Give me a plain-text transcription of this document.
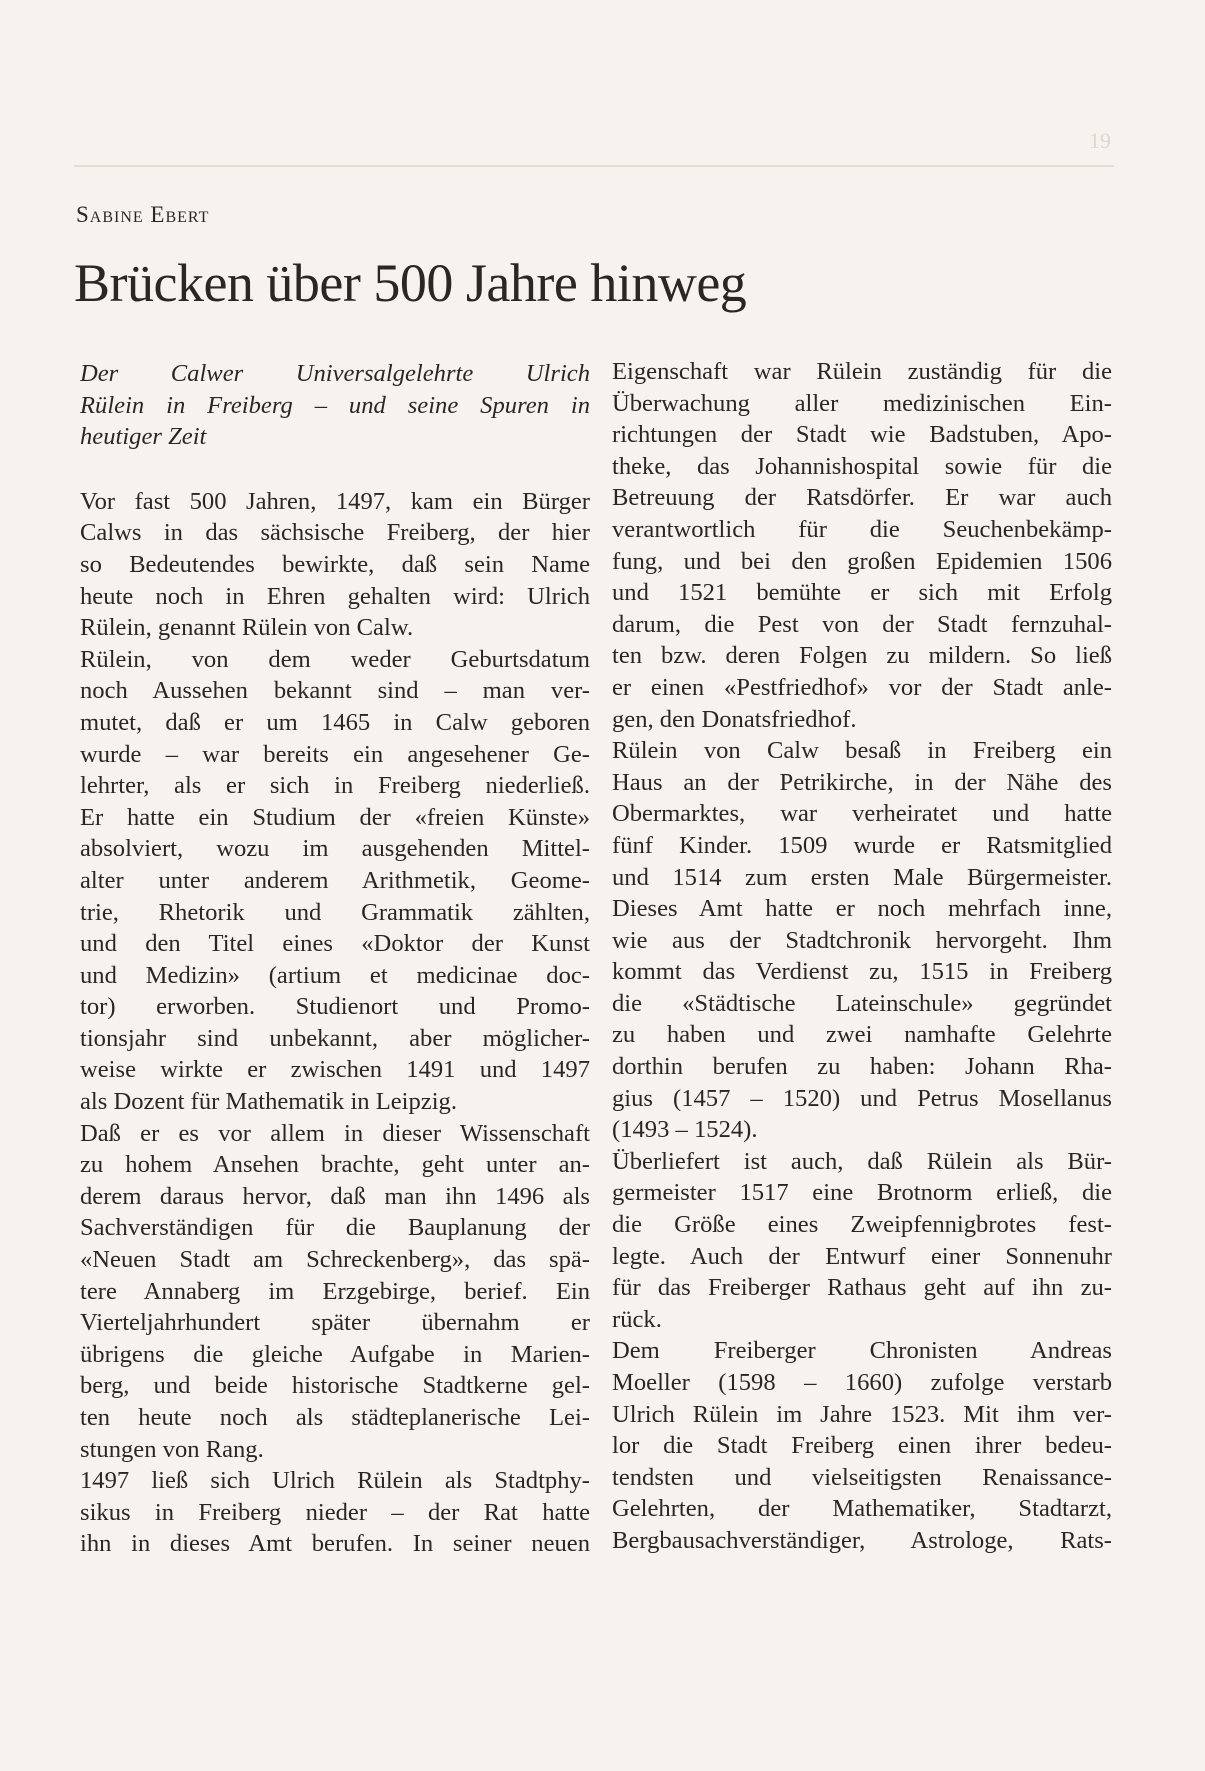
19
Sabine Ebert
Brücken über 500 Jahre hinweg
Der Calwer Universalgelehrte Ulrich
Rülein in Freiberg – und seine Spuren in
heutiger Zeit
Vor fast 500 Jahren, 1497, kam ein Bürger
Calws in das sächsische Freiberg, der hier
so Bedeutendes bewirkte, daß sein Name
heute noch in Ehren gehalten wird: Ulrich
Rülein, genannt Rülein von Calw.
Rülein, von dem weder Geburtsdatum
noch Aussehen bekannt sind – man ver-
mutet, daß er um 1465 in Calw geboren
wurde – war bereits ein angesehener Ge-
lehrter, als er sich in Freiberg niederließ.
Er hatte ein Studium der «freien Künste»
absolviert, wozu im ausgehenden Mittel-
alter unter anderem Arithmetik, Geome-
trie, Rhetorik und Grammatik zählten,
und den Titel eines «Doktor der Kunst
und Medizin» (artium et medicinae doc-
tor) erworben. Studienort und Promo-
tionsjahr sind unbekannt, aber möglicher-
weise wirkte er zwischen 1491 und 1497
als Dozent für Mathematik in Leipzig.
Daß er es vor allem in dieser Wissenschaft
zu hohem Ansehen brachte, geht unter an-
derem daraus hervor, daß man ihn 1496 als
Sachverständigen für die Bauplanung der
«Neuen Stadt am Schreckenberg», das spä-
tere Annaberg im Erzgebirge, berief. Ein
Vierteljahrhundert später übernahm er
übrigens die gleiche Aufgabe in Marien-
berg, und beide historische Stadtkerne gel-
ten heute noch als städteplanerische Lei-
stungen von Rang.
1497 ließ sich Ulrich Rülein als Stadtphy-
sikus in Freiberg nieder – der Rat hatte
ihn in dieses Amt berufen. In seiner neuen
Eigenschaft war Rülein zuständig für die
Überwachung aller medizinischen Ein-
richtungen der Stadt wie Badstuben, Apo-
theke, das Johannishospital sowie für die
Betreuung der Ratsdörfer. Er war auch
verantwortlich für die Seuchenbekämp-
fung, und bei den großen Epidemien 1506
und 1521 bemühte er sich mit Erfolg
darum, die Pest von der Stadt fernzuhal-
ten bzw. deren Folgen zu mildern. So ließ
er einen «Pestfriedhof» vor der Stadt anle-
gen, den Donatsfriedhof.
Rülein von Calw besaß in Freiberg ein
Haus an der Petrikirche, in der Nähe des
Obermarktes, war verheiratet und hatte
fünf Kinder. 1509 wurde er Ratsmitglied
und 1514 zum ersten Male Bürgermeister.
Dieses Amt hatte er noch mehrfach inne,
wie aus der Stadtchronik hervorgeht. Ihm
kommt das Verdienst zu, 1515 in Freiberg
die «Städtische Lateinschule» gegründet
zu haben und zwei namhafte Gelehrte
dorthin berufen zu haben: Johann Rha-
gius (1457 – 1520) und Petrus Mosellanus
(1493 – 1524).
Überliefert ist auch, daß Rülein als Bür-
germeister 1517 eine Brotnorm erließ, die
die Größe eines Zweipfennigbrotes fest-
legte. Auch der Entwurf einer Sonnenuhr
für das Freiberger Rathaus geht auf ihn zu-
rück.
Dem Freiberger Chronisten Andreas
Moeller (1598 – 1660) zufolge verstarb
Ulrich Rülein im Jahre 1523. Mit ihm ver-
lor die Stadt Freiberg einen ihrer bedeu-
tendsten und vielseitigsten Renaissance-
Gelehrten, der Mathematiker, Stadtarzt,
Bergbausachverständiger, Astrologe, Rats-
